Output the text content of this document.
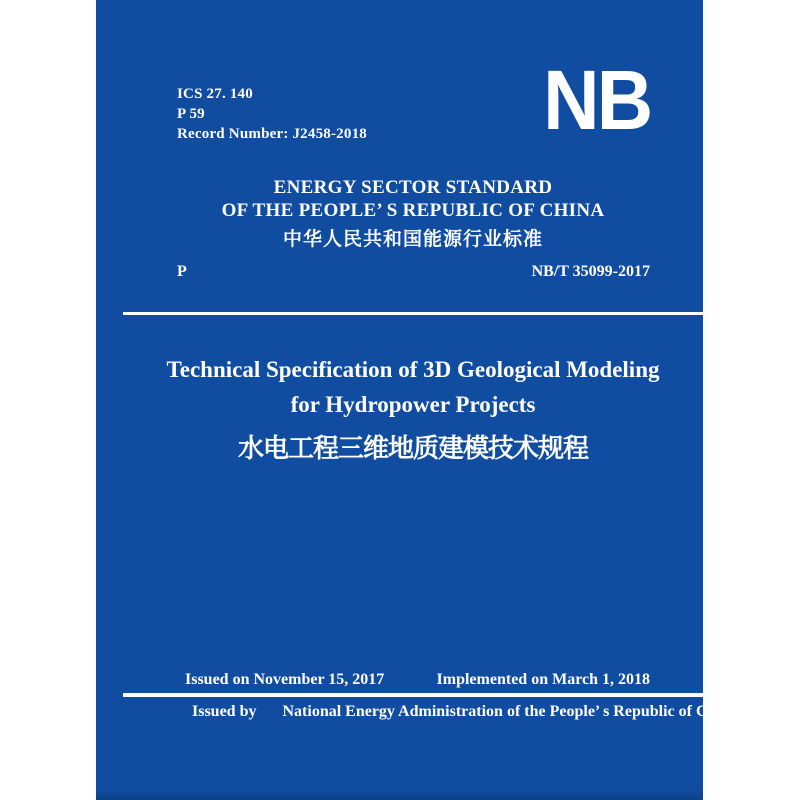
ICS 27. 140
P 59
Record Number: J2458-2018 NB
ENERGY SECTOR STANDARD
OF THE PEOPLE’ S REPUBLIC OF CHINA
中华人民共和国能源行业标准
P	NB/T 35099-2017
Technical Specification of 3D Geological Modeling
for Hydropower Projects
水电工程三维地质建模技术规程
Issued on November 15, 2017	Implemented on March 1, 2018
Issued by National Energy Administration of the People’ s Republic of China
